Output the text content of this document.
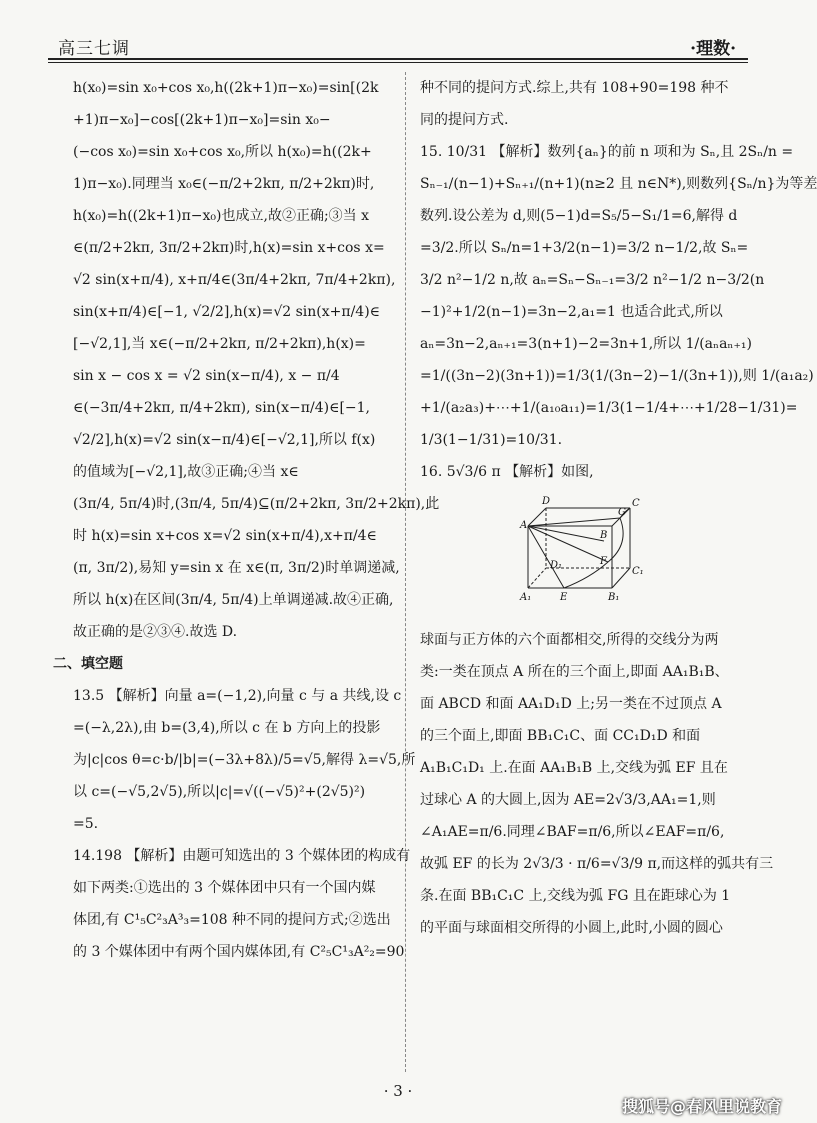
高三七调	·理数·
h(x₀)=sin x₀+cos x₀,h((2k+1)π−x₀)=sin[(2k
+1)π−x₀]−cos[(2k+1)π−x₀]=sin x₀−
(−cos x₀)=sin x₀+cos x₀,所以 h(x₀)=h((2k+
1)π−x₀).同理当 x₀∈(−π/2+2kπ, π/2+2kπ)时,
h(x₀)=h((2k+1)π−x₀)也成立,故②正确;③当 x
∈(π/2+2kπ, 3π/2+2kπ)时,h(x)=sin x+cos x=
√2 sin(x+π/4), x+π/4∈(3π/4+2kπ, 7π/4+2kπ),
sin(x+π/4)∈[−1, √2/2],h(x)=√2 sin(x+π/4)∈
[−√2,1],当 x∈(−π/2+2kπ, π/2+2kπ),h(x)=
sin x − cos x = √2 sin(x−π/4), x − π/4
∈(−3π/4+2kπ, π/4+2kπ), sin(x−π/4)∈[−1,
√2/2],h(x)=√2 sin(x−π/4)∈[−√2,1],所以 f(x)
的值域为[−√2,1],故③正确;④当 x∈
(3π/4, 5π/4)时,(3π/4, 5π/4)⊆(π/2+2kπ, 3π/2+2kπ),此
时 h(x)=sin x+cos x=√2 sin(x+π/4),x+π/4∈
(π, 3π/2),易知 y=sin x 在 x∈(π, 3π/2)时单调递减,
所以 h(x)在区间(3π/4, 5π/4)上单调递减.故④正确,
故正确的是②③④.故选 D.
二、填空题
13.5 【解析】向量 a=(−1,2),向量 c 与 a 共线,设 c
=(−λ,2λ),由 b=(3,4),所以 c 在 b 方向上的投影
为|c|cos θ=c·b/|b|=(−3λ+8λ)/5=√5,解得 λ=√5,所
以 c=(−√5,2√5),所以|c|=√((−√5)²+(2√5)²)
=5.
14.198 【解析】由题可知选出的 3 个媒体团的构成有
如下两类:①选出的 3 个媒体团中只有一个国内媒
体团,有 C¹₅C²₃A³₃=108 种不同的提问方式;②选出
的 3 个媒体团中有两个国内媒体团,有 C²₅C¹₃A²₂=90
种不同的提问方式.综上,共有 108+90=198 种不
同的提问方式.
15. 10/31 【解析】数列{aₙ}的前 n 项和为 Sₙ,且 2Sₙ/n =
Sₙ₋₁/(n−1)+Sₙ₊₁/(n+1)(n≥2 且 n∈N*),则数列{Sₙ/n}为等差
数列.设公差为 d,则(5−1)d=S₅/5−S₁/1=6,解得 d
=3/2.所以 Sₙ/n=1+3/2(n−1)=3/2 n−1/2,故 Sₙ=
3/2 n²−1/2 n,故 aₙ=Sₙ−Sₙ₋₁=3/2 n²−1/2 n−3/2(n
−1)²+1/2(n−1)=3n−2,a₁=1 也适合此式,所以
aₙ=3n−2,aₙ₊₁=3(n+1)−2=3n+1,所以 1/(aₙaₙ₊₁)
=1/((3n−2)(3n+1))=1/3(1/(3n−2)−1/(3n+1)),则 1/(a₁a₂)
+1/(a₂a₃)+⋯+1/(a₁₀a₁₁)=1/3(1−1/4+⋯+1/28−1/31)=
1/3(1−1/31)=10/31.
16. 5√3/6 π 【解析】如图,
D	C
G
A
B
D₁	F
C₁
A₁	E	B₁
球面与正方体的六个面都相交,所得的交线分为两
类:一类在顶点 A 所在的三个面上,即面 AA₁B₁B、
面 ABCD 和面 AA₁D₁D 上;另一类在不过顶点 A
的三个面上,即面 BB₁C₁C、面 CC₁D₁D 和面
A₁B₁C₁D₁ 上.在面 AA₁B₁B 上,交线为弧 EF 且在
过球心 A 的大圆上,因为 AE=2√3/3,AA₁=1,则
∠A₁AE=π/6.同理∠BAF=π/6,所以∠EAF=π/6,
故弧 EF 的长为 2√3/3 · π/6=√3/9 π,而这样的弧共有三
条.在面 BB₁C₁C 上,交线为弧 FG 且在距球心为 1
的平面与球面相交所得的小圆上,此时,小圆的圆心
· 3 ·
搜狐号@春风里说教育
